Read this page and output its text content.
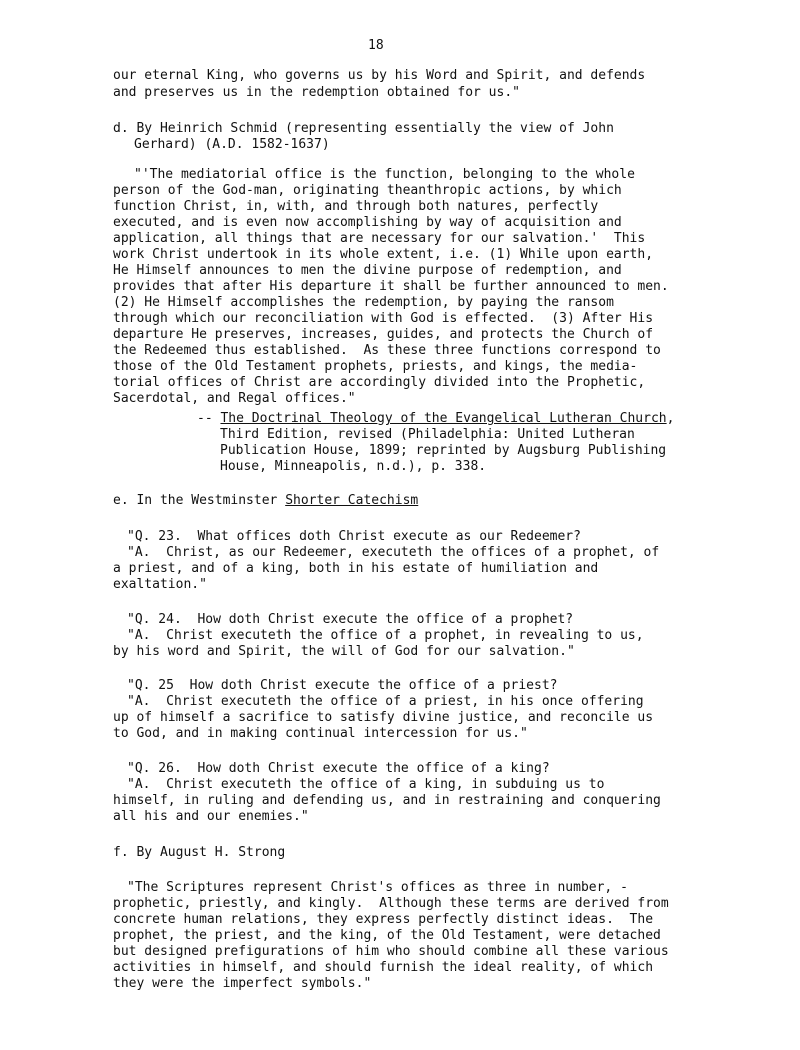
18
our eternal King, who governs us by his Word and Spirit, and defends
and preserves us in the redemption obtained for us."
d. By Heinrich Schmid (representing essentially the view of John
Gerhard) (A.D. 1582-1637)
"'The mediatorial office is the function, belonging to the whole
person of the God-man, originating theanthropic actions, by which
function Christ, in, with, and through both natures, perfectly
executed, and is even now accomplishing by way of acquisition and
application, all things that are necessary for our salvation.'  This
work Christ undertook in its whole extent, i.e. (1) While upon earth,
He Himself announces to men the divine purpose of redemption, and
provides that after His departure it shall be further announced to men.
(2) He Himself accomplishes the redemption, by paying the ransom
through which our reconciliation with God is effected.  (3) After His
departure He preserves, increases, guides, and protects the Church of
the Redeemed thus established.  As these three functions correspond to
those of the Old Testament prophets, priests, and kings, the media-
torial offices of Christ are accordingly divided into the Prophetic,
Sacerdotal, and Regal offices."
-- The Doctrinal Theology of the Evangelical Lutheran Church,
Third Edition, revised (Philadelphia: United Lutheran
Publication House, 1899; reprinted by Augsburg Publishing
House, Minneapolis, n.d.), p. 338.
e. In the Westminster Shorter Catechism
"Q. 23.  What offices doth Christ execute as our Redeemer?
"A.  Christ, as our Redeemer, executeth the offices of a prophet, of
a priest, and of a king, both in his estate of humiliation and
exaltation."
"Q. 24.  How doth Christ execute the office of a prophet?
"A.  Christ executeth the office of a prophet, in revealing to us,
by his word and Spirit, the will of God for our salvation."
"Q. 25  How doth Christ execute the office of a priest?
"A.  Christ executeth the office of a priest, in his once offering
up of himself a sacrifice to satisfy divine justice, and reconcile us
to God, and in making continual intercession for us."
"Q. 26.  How doth Christ execute the office of a king?
"A.  Christ executeth the office of a king, in subduing us to
himself, in ruling and defending us, and in restraining and conquering
all his and our enemies."
f. By August H. Strong
"The Scriptures represent Christ's offices as three in number, -
prophetic, priestly, and kingly.  Although these terms are derived from
concrete human relations, they express perfectly distinct ideas.  The
prophet, the priest, and the king, of the Old Testament, were detached
but designed prefigurations of him who should combine all these various
activities in himself, and should furnish the ideal reality, of which
they were the imperfect symbols."
